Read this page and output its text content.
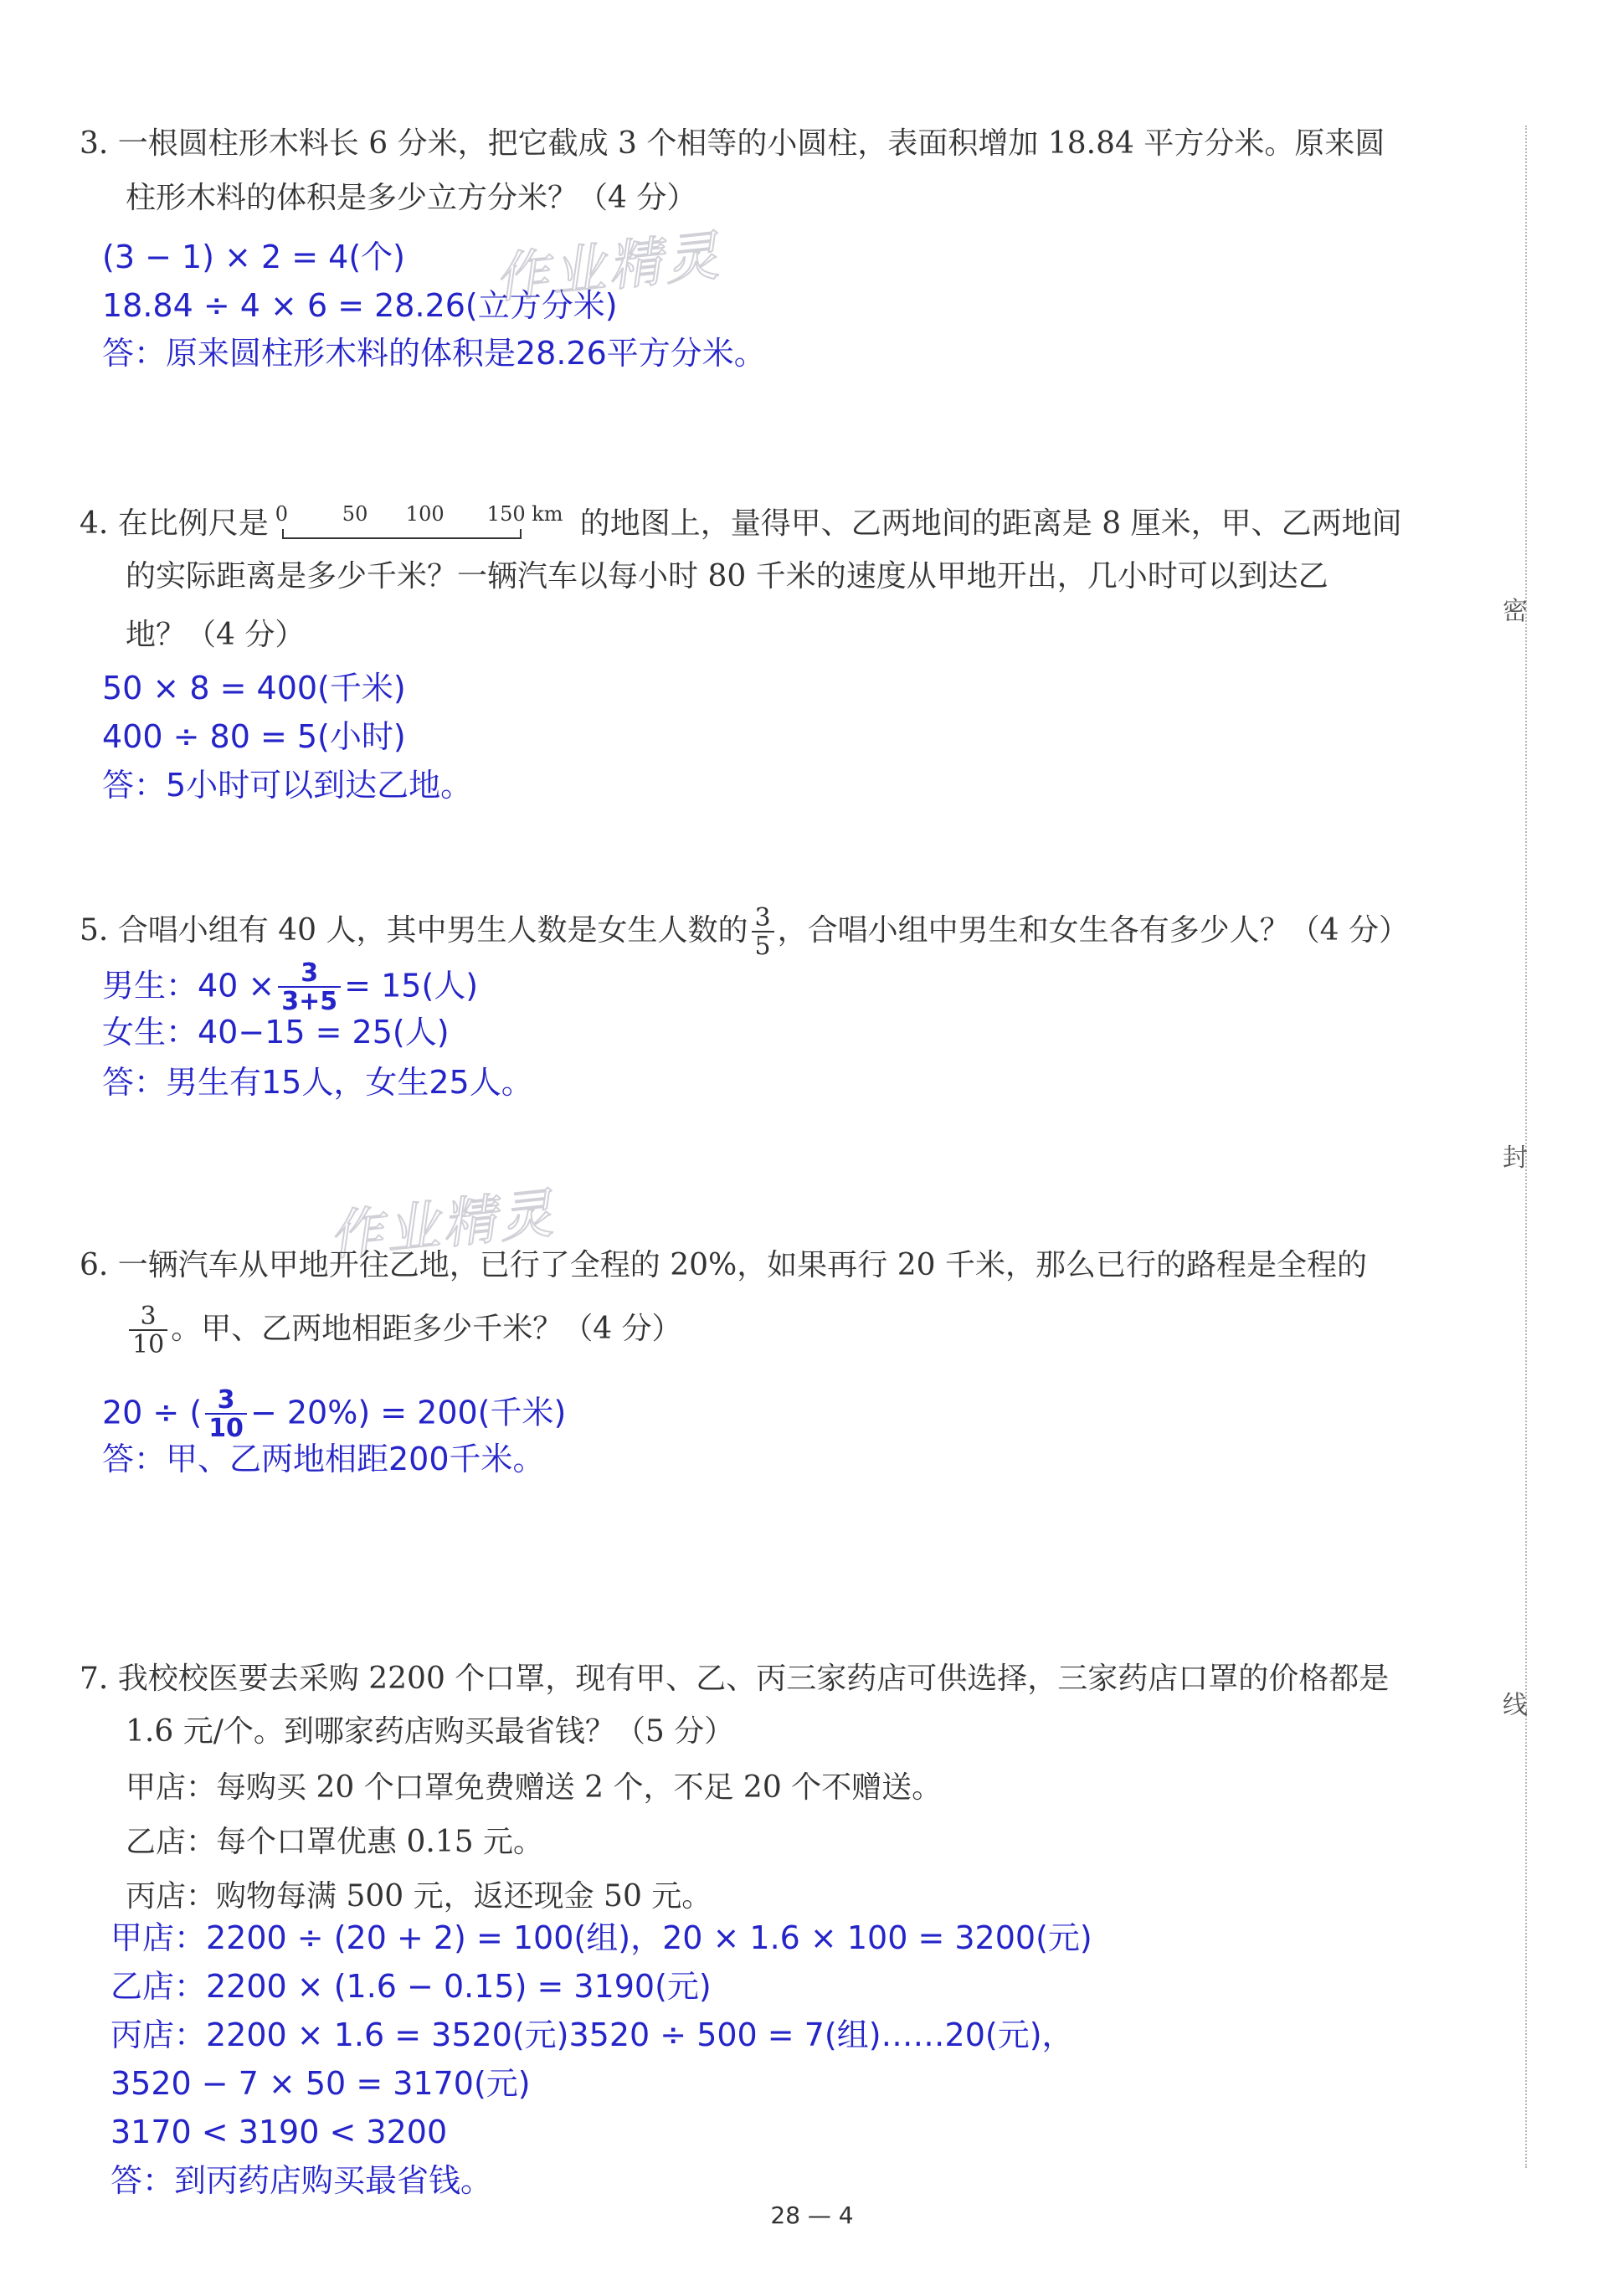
3. 一根圆柱形木料长 6 分米，把它截成 3 个相等的小圆柱，表面积增加 18.84 平方分米。原来圆
柱形木料的体积是多少立方分米？（4 分）
(3 − 1) × 2 = 4(个)
18.84 ÷ 4 × 6 = 28.26(立方分米)
答：原来圆柱形木料的体积是28.26平方分米。
作业精灵
4. 在比例尺是 0	50 100 150 km 的地图上，量得甲、乙两地间的距离是 8 厘米，甲、乙两地间
的实际距离是多少千米？一辆汽车以每小时 80 千米的速度从甲地开出，几小时可以到达乙
地？（4 分）
50 × 8 = 400(千米)
400 ÷ 80 = 5(小时)
答：5小时可以到达乙地。
5. 合唱小组有 40 人，其中男生人数是女生人数的 $\frac{3}{5}$ ，合唱小组中男生和女生各有多少人？（4 分）
男生：$40 \times \frac{3}{3+5} = 15$(人)
女生：40−15 = 25(人)
答：男生有15人，女生25人。
作业精灵
6. 一辆汽车从甲地开往乙地，已行了全程的 20%，如果再行 20 千米，那么已行的路程是全程的
$\frac{3}{10}$ 。甲、乙两地相距多少千米？（4 分）
20 ÷ ( $\frac{3}{10} - 20\%) = 200$(千米)
答：甲、乙两地相距200千米。
7. 我校校医要去采购 2200 个口罩，现有甲、乙、丙三家药店可供选择，三家药店口罩的价格都是
1.6 元/个。到哪家药店购买最省钱？（5 分）
甲店：每购买 20 个口罩免费赠送 2 个，不足 20 个不赠送。
乙店：每个口罩优惠 0.15 元。
丙店：购物每满 500 元，返还现金 50 元。
甲店：2200 ÷ (20 + 2) = 100(组)，20 × 1.6 × 100 = 3200(元)
乙店：2200 × (1.6 − 0.15) = 3190(元)
丙店：2200 × 1.6 = 3520(元)3520 ÷ 500 = 7(组)……20(元)，
3520 − 7 × 50 = 3170(元)
3170 < 3190 < 3200
答：到丙药店购买最省钱。
密
封
线
28 — 4
